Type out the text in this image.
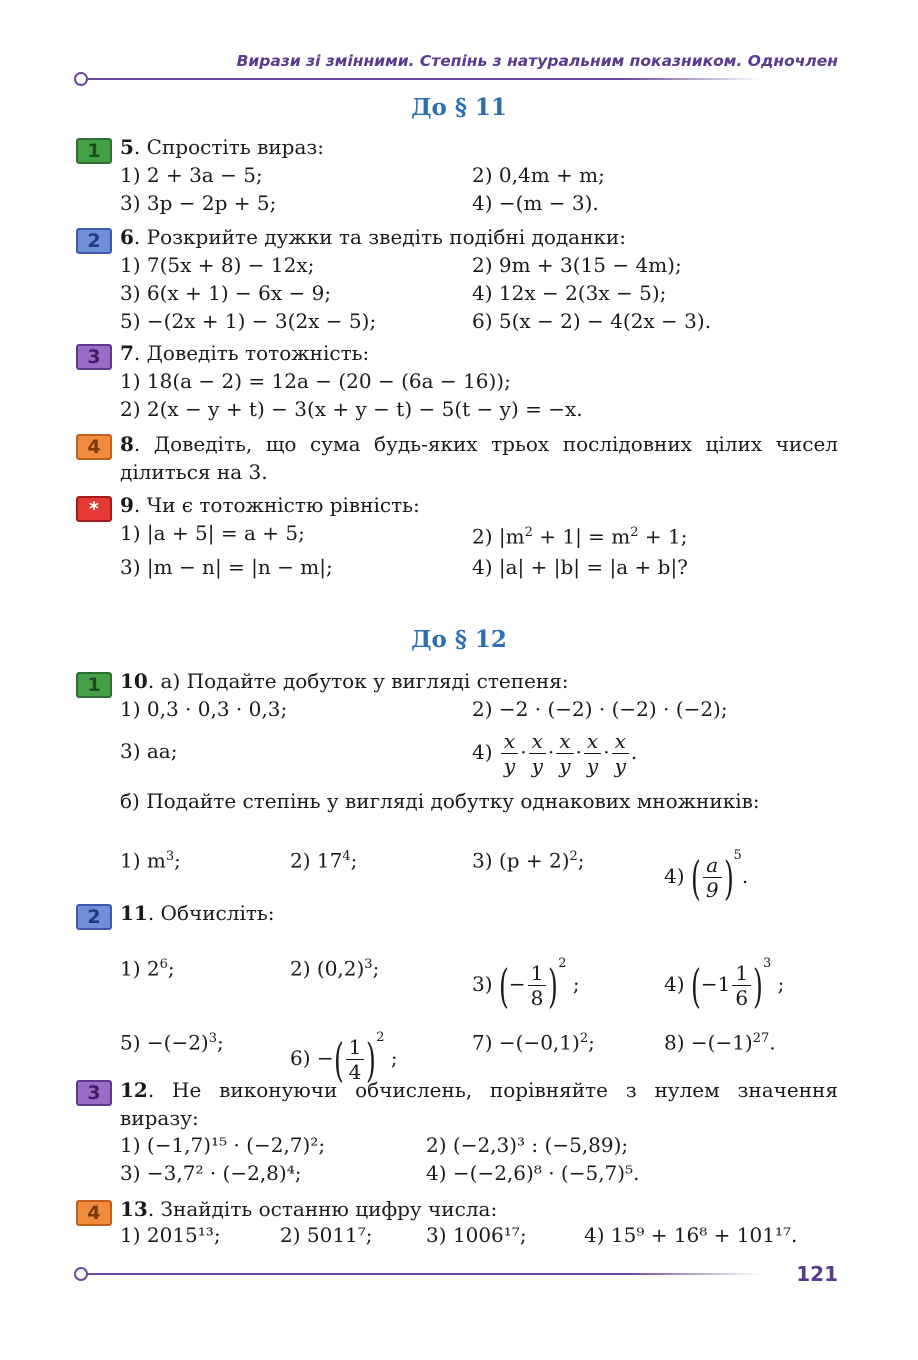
Вирази зі змінними. Степінь з натуральним показником. Одночлен
До § 11
1 5. Спростіть вираз:
1) 2 + 3a − 5;	2) 0,4m + m;
3) 3p − 2p + 5;	4) −(m − 3).
2 6. Розкрийте дужки та зведіть подібні доданки:
1) 7(5x + 8) − 12x;	2) 9m + 3(15 − 4m);
3) 6(x + 1) − 6x − 9;	4) 12x − 2(3x − 5);
5) −(2x + 1) − 3(2x − 5);	6) 5(x − 2) − 4(2x − 3).
3 7. Доведіть тотожність:
1) 18(a − 2) = 12a − (20 − (6a − 16));
2) 2(x − y + t) − 3(x + y − t) − 5(t − y) = −x.
4 8. Доведіть, що сума будь-яких трьох послідовних цілих чисел ділиться на 3.
*	9. Чи є тотожністю рівність:
1) |a + 5| = a + 5;	2) $|m^2 + 1| = m^2 + 1$;
3) |m − n| = |n − m|;	4) |a| + |b| = |a + b|?
До § 12
1 10. а) Подайте добуток у вигляді степеня:
1) 0,3 · 0,3 · 0,3;	2) −2 · (−2) · (−2) · (−2);
3) aa;	$4) \frac{x}{y} \cdot \frac{x}{y} \cdot \frac{x}{y} \cdot \frac{x}{y} \cdot \frac{x}{y}$ .
б) Подайте степінь у вигляді добутку однакових множників:
1) $m^3$;	2) $17^4$;	3) $(p + 2)^2$;
4) ( $\frac{a}{9} )^5$.
2 11. Обчисліть:
1) $2^6$;	2) $(0,2)^3$;
3) (− $\frac{1}{8} )^2$ ;	4) $(-1 \frac{1}{6} )^3$ ;
$5) -(-2)^3$;
6) −( $\frac{1}{4} )^2$ ;
$7) -(-0,1)^2$;	$8) -(-1)^{27}$.
3 12. Не виконуючи обчислень, порівняйте з нулем значення виразу:
1) (−1,7)¹⁵ · (−2,7)²;	2) (−2,3)³ : (−5,89);
3) −3,7² · (−2,8)⁴;	4) −(−2,6)⁸ · (−5,7)⁵.
4 13. Знайдіть останню цифру числа:
1) 2015¹³;	2) 5011⁷;	3) 1006¹⁷;	4) 15⁹ + 16⁸ + 101¹⁷.
121
